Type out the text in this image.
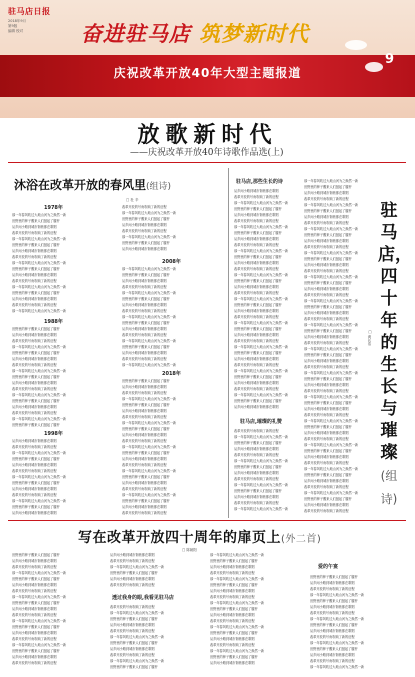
驻马店日报
2018年9月
第9版
编辑 校对	奋进驻马店 筑梦新时代
9
庆祝改革开放40年大型主题报道
放歌新时代
——庆祝改革开放40年诗歌作品选(上)
沐浴在改革开放的春风里(组诗)
□ 杜 辛
1978年
1988年
1998年
2008年
2018年
那一年春风吹过大地山河为之焕然一新
田野里的种子醒来人们挺起了腰杆
从乡间小路到城市街巷都在歌唱
改革开放的号角吹响了新的征程
那一年春风吹过大地山河为之焕然一新
田野里的种子醒来人们挺起了腰杆
从乡间小路到城市街巷都在歌唱
改革开放的号角吹响了新的征程
那一年春风吹过大地山河为之焕然一新
田野里的种子醒来人们挺起了腰杆
从乡间小路到城市街巷都在歌唱
改革开放的号角吹响了新的征程
那一年春风吹过大地山河为之焕然一新
田野里的种子醒来人们挺起了腰杆
从乡间小路到城市街巷都在歌唱
改革开放的号角吹响了新的征程
那一年春风吹过大地山河为之焕然一新
田野里的种子醒来人们挺起了腰杆
从乡间小路到城市街巷都在歌唱
改革开放的号角吹响了新的征程
那一年春风吹过大地山河为之焕然一新
田野里的种子醒来人们挺起了腰杆
从乡间小路到城市街巷都在歌唱
改革开放的号角吹响了新的征程
那一年春风吹过大地山河为之焕然一新
田野里的种子醒来人们挺起了腰杆
从乡间小路到城市街巷都在歌唱
改革开放的号角吹响了新的征程
那一年春风吹过大地山河为之焕然一新
田野里的种子醒来人们挺起了腰杆
从乡间小路到城市街巷都在歌唱
改革开放的号角吹响了新的征程
那一年春风吹过大地山河为之焕然一新
田野里的种子醒来人们挺起了腰杆
从乡间小路到城市街巷都在歌唱
改革开放的号角吹响了新的征程
那一年春风吹过大地山河为之焕然一新
田野里的种子醒来人们挺起了腰杆
从乡间小路到城市街巷都在歌唱
改革开放的号角吹响了新的征程
那一年春风吹过大地山河为之焕然一新
田野里的种子醒来人们挺起了腰杆
从乡间小路到城市街巷都在歌唱
改革开放的号角吹响了新的征程
那一年春风吹过大地山河为之焕然一新
田野里的种子醒来人们挺起了腰杆
从乡间小路到城市街巷都在歌唱
改革开放的号角吹响了新的征程
那一年春风吹过大地山河为之焕然一新
田野里的种子醒来人们挺起了腰杆
从乡间小路到城市街巷都在歌唱
改革开放的号角吹响了新的征程
那一年春风吹过大地山河为之焕然一新
田野里的种子醒来人们挺起了腰杆
从乡间小路到城市街巷都在歌唱
那一年春风吹过大地山河为之焕然一新
田野里的种子醒来人们挺起了腰杆
从乡间小路到城市街巷都在歌唱
改革开放的号角吹响了新的征程
那一年春风吹过大地山河为之焕然一新
田野里的种子醒来人们挺起了腰杆
从乡间小路到城市街巷都在歌唱
改革开放的号角吹响了新的征程
那一年春风吹过大地山河为之焕然一新
田野里的种子醒来人们挺起了腰杆
从乡间小路到城市街巷都在歌唱
改革开放的号角吹响了新的征程
那一年春风吹过大地山河为之焕然一新
田野里的种子醒来人们挺起了腰杆
从乡间小路到城市街巷都在歌唱
改革开放的号角吹响了新的征程
那一年春风吹过大地山河为之焕然一新
田野里的种子醒来人们挺起了腰杆
从乡间小路到城市街巷都在歌唱
改革开放的号角吹响了新的征程
那一年春风吹过大地山河为之焕然一新
田野里的种子醒来人们挺起了腰杆
从乡间小路到城市街巷都在歌唱
改革开放的号角吹响了新的征程
那一年春风吹过大地山河为之焕然一新
田野里的种子醒来人们挺起了腰杆
从乡间小路到城市街巷都在歌唱
改革开放的号角吹响了新的征程
那一年春风吹过大地山河为之焕然一新
田野里的种子醒来人们挺起了腰杆
从乡间小路到城市街巷都在歌唱
改革开放的号角吹响了新的征程
那一年春风吹过大地山河为之焕然一新
田野里的种子醒来人们挺起了腰杆
从乡间小路到城市街巷都在歌唱
改革开放的号角吹响了新的征程
那一年春风吹过大地山河为之焕然一新
田野里的种子醒来人们挺起了腰杆
从乡间小路到城市街巷都在歌唱
改革开放的号角吹响了新的征程
驻马店,那些生长的诗
驻马店,璀璨的礼赞
从乡间小路到城市街巷都在歌唱
改革开放的号角吹响了新的征程
那一年春风吹过大地山河为之焕然一新
田野里的种子醒来人们挺起了腰杆
从乡间小路到城市街巷都在歌唱
改革开放的号角吹响了新的征程
那一年春风吹过大地山河为之焕然一新
田野里的种子醒来人们挺起了腰杆
从乡间小路到城市街巷都在歌唱
改革开放的号角吹响了新的征程
那一年春风吹过大地山河为之焕然一新
田野里的种子醒来人们挺起了腰杆
从乡间小路到城市街巷都在歌唱
改革开放的号角吹响了新的征程
那一年春风吹过大地山河为之焕然一新
田野里的种子醒来人们挺起了腰杆
从乡间小路到城市街巷都在歌唱
改革开放的号角吹响了新的征程
那一年春风吹过大地山河为之焕然一新
田野里的种子醒来人们挺起了腰杆
从乡间小路到城市街巷都在歌唱
改革开放的号角吹响了新的征程
那一年春风吹过大地山河为之焕然一新
田野里的种子醒来人们挺起了腰杆
从乡间小路到城市街巷都在歌唱
改革开放的号角吹响了新的征程
那一年春风吹过大地山河为之焕然一新
田野里的种子醒来人们挺起了腰杆
从乡间小路到城市街巷都在歌唱
改革开放的号角吹响了新的征程
那一年春风吹过大地山河为之焕然一新
田野里的种子醒来人们挺起了腰杆
从乡间小路到城市街巷都在歌唱
改革开放的号角吹响了新的征程
那一年春风吹过大地山河为之焕然一新
田野里的种子醒来人们挺起了腰杆
从乡间小路到城市街巷都在歌唱
改革开放的号角吹响了新的征程
那一年春风吹过大地山河为之焕然一新
田野里的种子醒来人们挺起了腰杆
从乡间小路到城市街巷都在歌唱
改革开放的号角吹响了新的征程
那一年春风吹过大地山河为之焕然一新
田野里的种子醒来人们挺起了腰杆
从乡间小路到城市街巷都在歌唱
改革开放的号角吹响了新的征程
那一年春风吹过大地山河为之焕然一新
田野里的种子醒来人们挺起了腰杆
从乡间小路到城市街巷都在歌唱
改革开放的号角吹响了新的征程
那一年春风吹过大地山河为之焕然一新
那一年春风吹过大地山河为之焕然一新
田野里的种子醒来人们挺起了腰杆
从乡间小路到城市街巷都在歌唱
改革开放的号角吹响了新的征程
那一年春风吹过大地山河为之焕然一新
田野里的种子醒来人们挺起了腰杆
从乡间小路到城市街巷都在歌唱
改革开放的号角吹响了新的征程
那一年春风吹过大地山河为之焕然一新
田野里的种子醒来人们挺起了腰杆
从乡间小路到城市街巷都在歌唱
改革开放的号角吹响了新的征程
那一年春风吹过大地山河为之焕然一新
田野里的种子醒来人们挺起了腰杆
从乡间小路到城市街巷都在歌唱
改革开放的号角吹响了新的征程
那一年春风吹过大地山河为之焕然一新
田野里的种子醒来人们挺起了腰杆
从乡间小路到城市街巷都在歌唱
改革开放的号角吹响了新的征程
那一年春风吹过大地山河为之焕然一新
田野里的种子醒来人们挺起了腰杆
从乡间小路到城市街巷都在歌唱
改革开放的号角吹响了新的征程
那一年春风吹过大地山河为之焕然一新
田野里的种子醒来人们挺起了腰杆
从乡间小路到城市街巷都在歌唱
改革开放的号角吹响了新的征程
那一年春风吹过大地山河为之焕然一新
田野里的种子醒来人们挺起了腰杆
从乡间小路到城市街巷都在歌唱
改革开放的号角吹响了新的征程
那一年春风吹过大地山河为之焕然一新
田野里的种子醒来人们挺起了腰杆
从乡间小路到城市街巷都在歌唱
改革开放的号角吹响了新的征程
那一年春风吹过大地山河为之焕然一新
田野里的种子醒来人们挺起了腰杆
从乡间小路到城市街巷都在歌唱
改革开放的号角吹响了新的征程
那一年春风吹过大地山河为之焕然一新
田野里的种子醒来人们挺起了腰杆
从乡间小路到城市街巷都在歌唱
改革开放的号角吹响了新的征程
那一年春风吹过大地山河为之焕然一新
田野里的种子醒来人们挺起了腰杆
从乡间小路到城市街巷都在歌唱
改革开放的号角吹响了新的征程
那一年春风吹过大地山河为之焕然一新
田野里的种子醒来人们挺起了腰杆
从乡间小路到城市街巷都在歌唱
改革开放的号角吹响了新的征程
那一年春风吹过大地山河为之焕然一新
田野里的种子醒来人们挺起了腰杆
从乡间小路到城市街巷都在歌唱
改革开放的号角吹响了新的征程
驻马店，四十年的生长与璀璨(组诗)
□ 黄长浩
写在改革开放四十周年的扉页上(外二首)
□ 陈朝阳
透过我身的眼,我看见驻马店
爱的午宴
田野里的种子醒来人们挺起了腰杆
从乡间小路到城市街巷都在歌唱
改革开放的号角吹响了新的征程
那一年春风吹过大地山河为之焕然一新
田野里的种子醒来人们挺起了腰杆
从乡间小路到城市街巷都在歌唱
改革开放的号角吹响了新的征程
那一年春风吹过大地山河为之焕然一新
田野里的种子醒来人们挺起了腰杆
从乡间小路到城市街巷都在歌唱
改革开放的号角吹响了新的征程
那一年春风吹过大地山河为之焕然一新
田野里的种子醒来人们挺起了腰杆
从乡间小路到城市街巷都在歌唱
改革开放的号角吹响了新的征程
那一年春风吹过大地山河为之焕然一新
田野里的种子醒来人们挺起了腰杆
从乡间小路到城市街巷都在歌唱
改革开放的号角吹响了新的征程
从乡间小路到城市街巷都在歌唱
改革开放的号角吹响了新的征程
那一年春风吹过大地山河为之焕然一新
田野里的种子醒来人们挺起了腰杆
从乡间小路到城市街巷都在歌唱
改革开放的号角吹响了新的征程
改革开放的号角吹响了新的征程
那一年春风吹过大地山河为之焕然一新
田野里的种子醒来人们挺起了腰杆
从乡间小路到城市街巷都在歌唱
改革开放的号角吹响了新的征程
那一年春风吹过大地山河为之焕然一新
田野里的种子醒来人们挺起了腰杆
从乡间小路到城市街巷都在歌唱
改革开放的号角吹响了新的征程
那一年春风吹过大地山河为之焕然一新
田野里的种子醒来人们挺起了腰杆
那一年春风吹过大地山河为之焕然一新
田野里的种子醒来人们挺起了腰杆
从乡间小路到城市街巷都在歌唱
改革开放的号角吹响了新的征程
那一年春风吹过大地山河为之焕然一新
田野里的种子醒来人们挺起了腰杆
从乡间小路到城市街巷都在歌唱
改革开放的号角吹响了新的征程
那一年春风吹过大地山河为之焕然一新
田野里的种子醒来人们挺起了腰杆
从乡间小路到城市街巷都在歌唱
改革开放的号角吹响了新的征程
那一年春风吹过大地山河为之焕然一新
田野里的种子醒来人们挺起了腰杆
从乡间小路到城市街巷都在歌唱
改革开放的号角吹响了新的征程
那一年春风吹过大地山河为之焕然一新
田野里的种子醒来人们挺起了腰杆
从乡间小路到城市街巷都在歌唱
田野里的种子醒来人们挺起了腰杆
从乡间小路到城市街巷都在歌唱
改革开放的号角吹响了新的征程
那一年春风吹过大地山河为之焕然一新
田野里的种子醒来人们挺起了腰杆
从乡间小路到城市街巷都在歌唱
改革开放的号角吹响了新的征程
那一年春风吹过大地山河为之焕然一新
田野里的种子醒来人们挺起了腰杆
从乡间小路到城市街巷都在歌唱
改革开放的号角吹响了新的征程
那一年春风吹过大地山河为之焕然一新
田野里的种子醒来人们挺起了腰杆
从乡间小路到城市街巷都在歌唱
改革开放的号角吹响了新的征程
那一年春风吹过大地山河为之焕然一新
